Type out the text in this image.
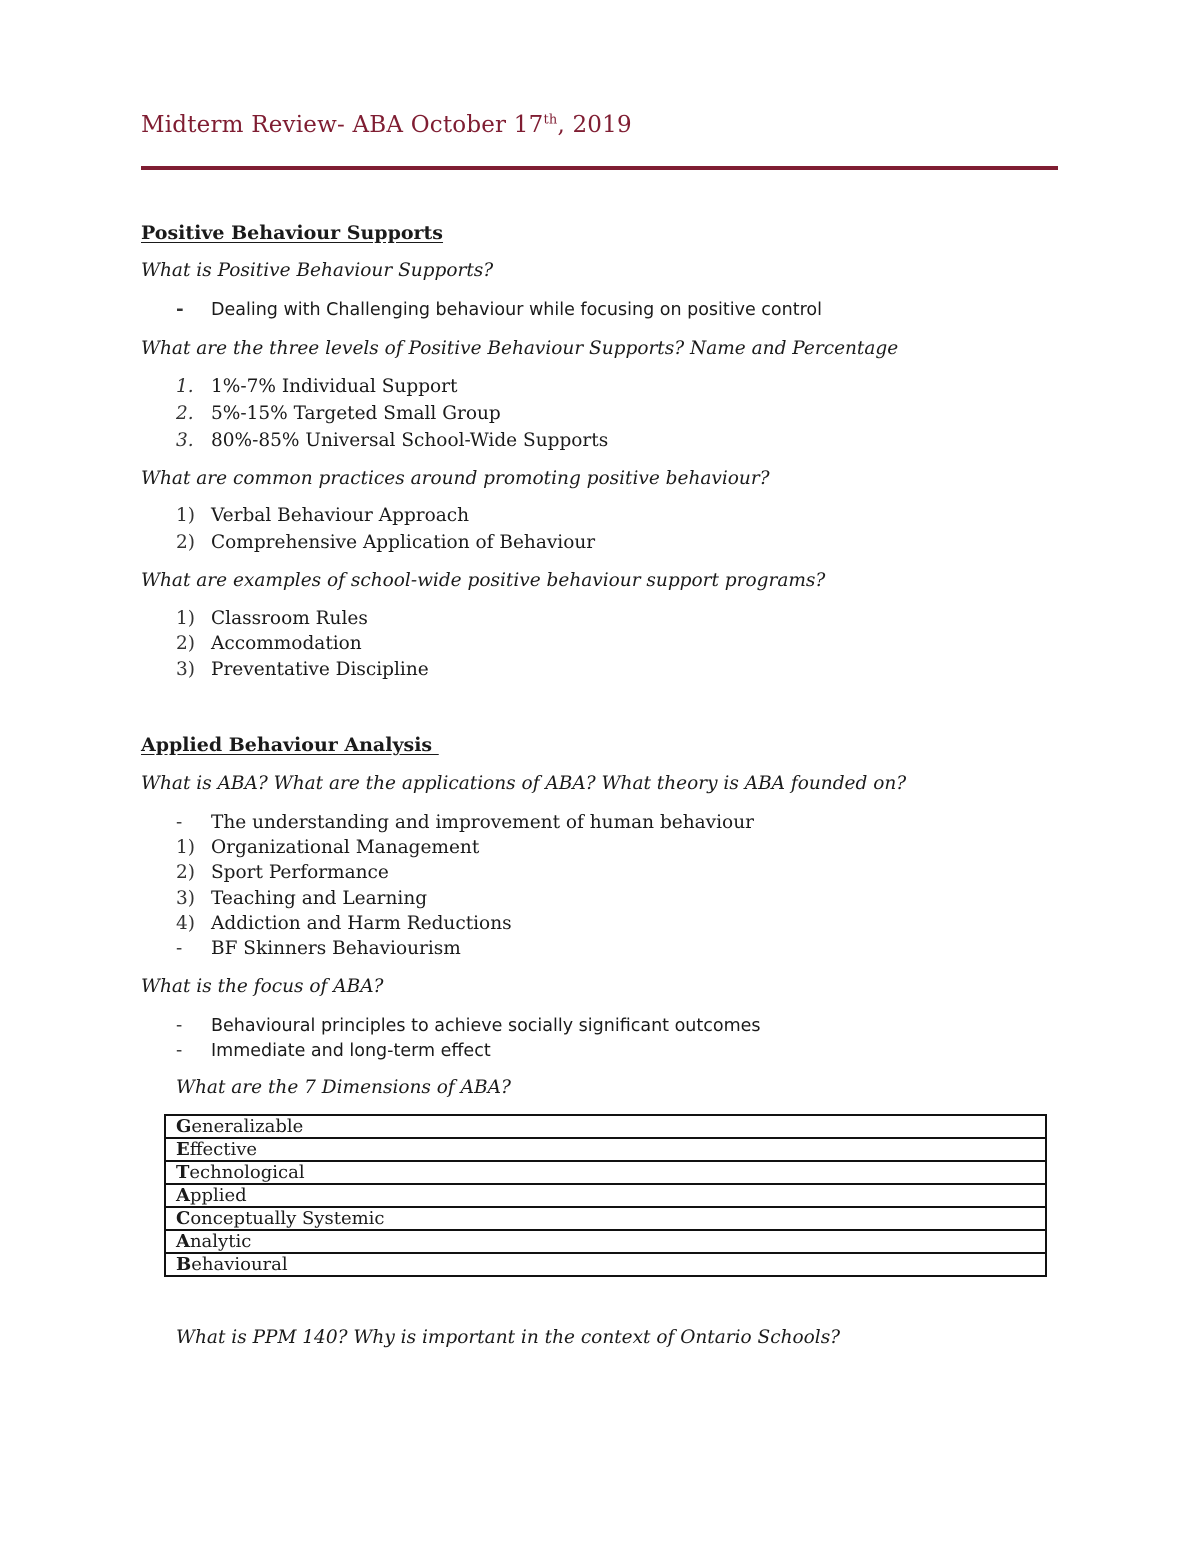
Midterm Review- ABA October 17th, 2019
Positive Behaviour Supports
What is Positive Behaviour Supports?
-	Dealing with Challenging behaviour while focusing on positive control
What are the three levels of Positive Behaviour Supports? Name and Percentage
1. 1%-7% Individual Support
2. 5%-15% Targeted Small Group
3. 80%-85% Universal School-Wide Supports
What are common practices around promoting positive behaviour?
1) Verbal Behaviour Approach
2) Comprehensive Application of Behaviour
What are examples of school-wide positive behaviour support programs?
1) Classroom Rules
2) Accommodation
3) Preventative Discipline
Applied Behaviour Analysis
What is ABA? What are the applications of ABA? What theory is ABA founded on?
-	The understanding and improvement of human behaviour
1) Organizational Management
2) Sport Performance
3) Teaching and Learning
4) Addiction and Harm Reductions
-	BF Skinners Behaviourism
What is the focus of ABA?
-	Behavioural principles to achieve socially significant outcomes
-	Immediate and long-term effect
What are the 7 Dimensions of ABA?
Generalizable
Effective
Technological
Applied
Conceptually Systemic
Analytic
Behavioural
What is PPM 140? Why is important in the context of Ontario Schools?
